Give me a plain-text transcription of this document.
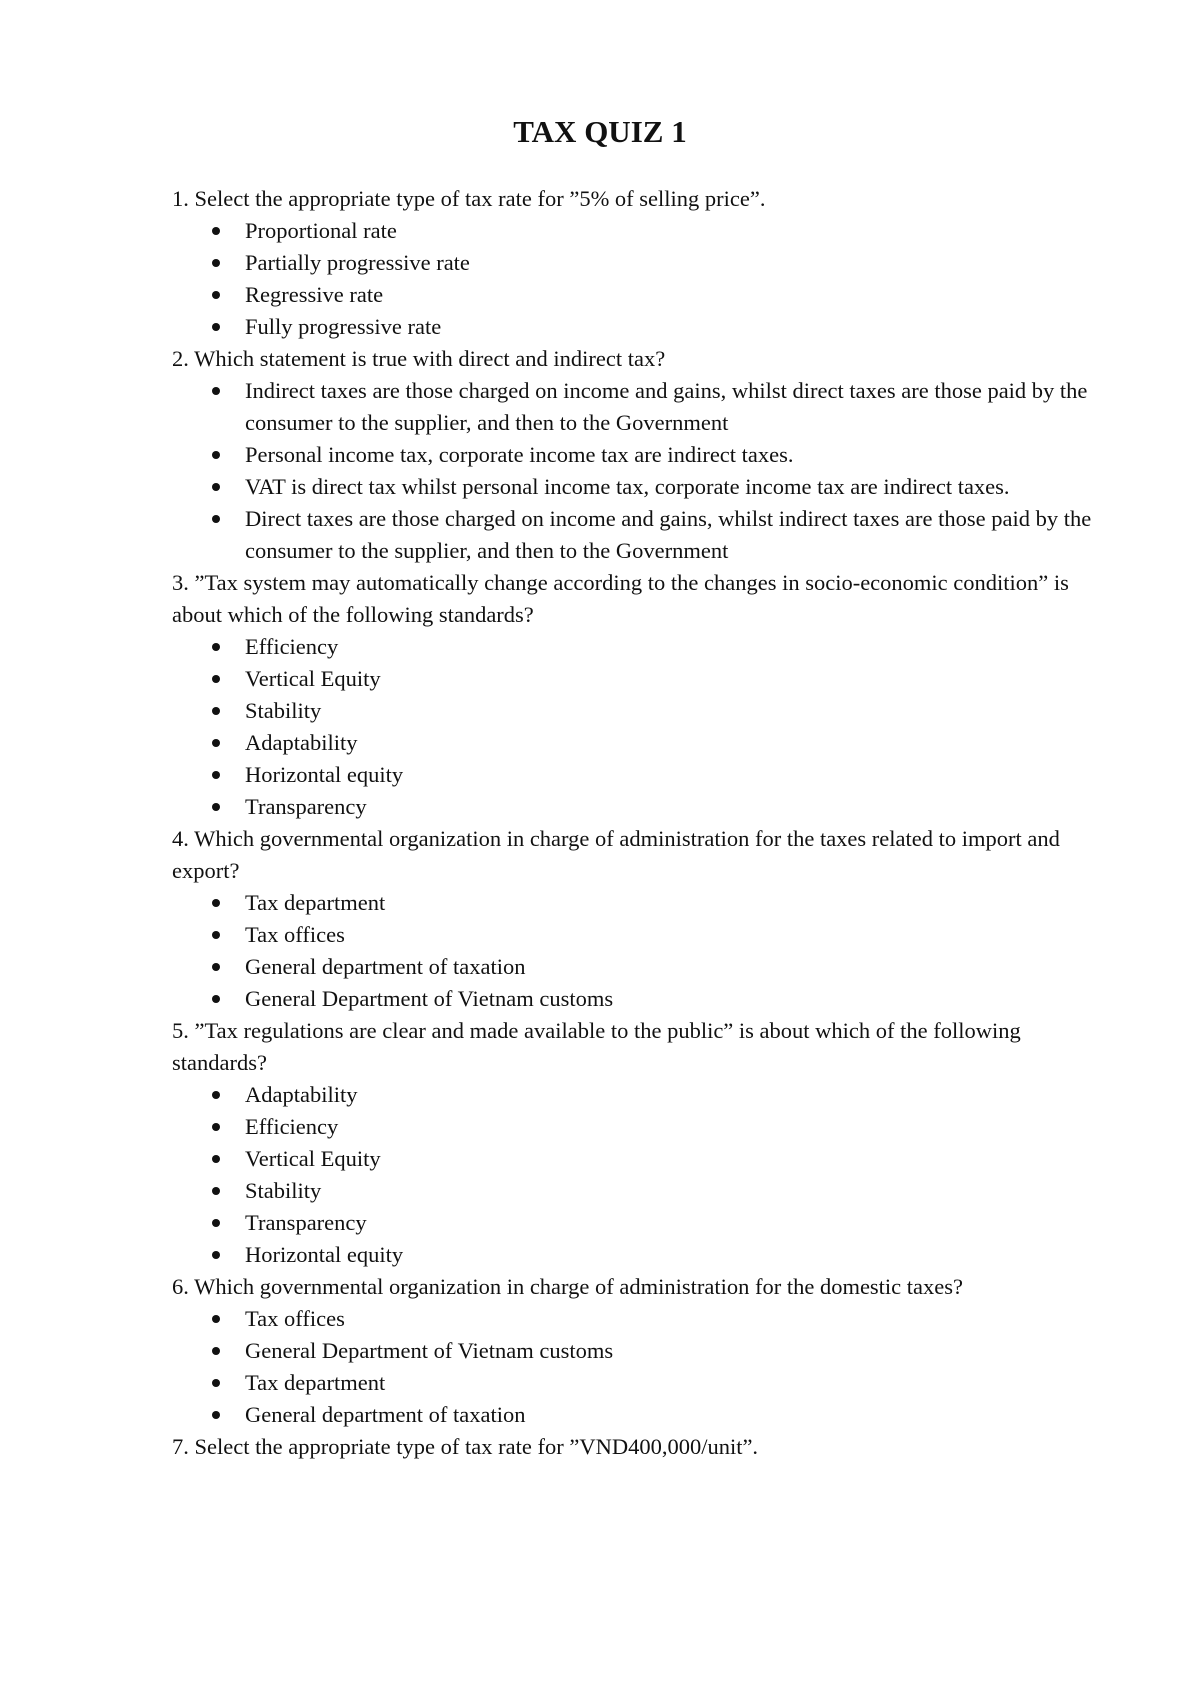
TAX QUIZ 1

1. Select the appropriate type of tax rate for ”5% of selling price”.

Proportional rate
Partially progressive rate
Regressive rate
Fully progressive rate

2. Which statement is true with direct and indirect tax?

Indirect taxes are those charged on income and gains, whilst direct taxes are those paid by the consumer to the supplier, and then to the Government
Personal income tax, corporate income tax are indirect taxes.
VAT is direct tax whilst personal income tax, corporate income tax are indirect taxes.
Direct taxes are those charged on income and gains, whilst indirect taxes are those paid by the consumer to the supplier, and then to the Government

3. ”Tax system may automatically change according to the changes in socio-economic condition” is about which of the following standards?

Efficiency
Vertical Equity
Stability
Adaptability
Horizontal equity
Transparency

4. Which governmental organization in charge of administration for the taxes related to import and export?

Tax department
Tax offices
General department of taxation
General Department of Vietnam customs

5. ”Tax regulations are clear and made available to the public” is about which of the following standards?

Adaptability
Efficiency
Vertical Equity
Stability
Transparency
Horizontal equity

6. Which governmental organization in charge of administration for the domestic taxes?

Tax offices
General Department of Vietnam customs
Tax department
General department of taxation

7. Select the appropriate type of tax rate for ”VND400,000/unit”.
